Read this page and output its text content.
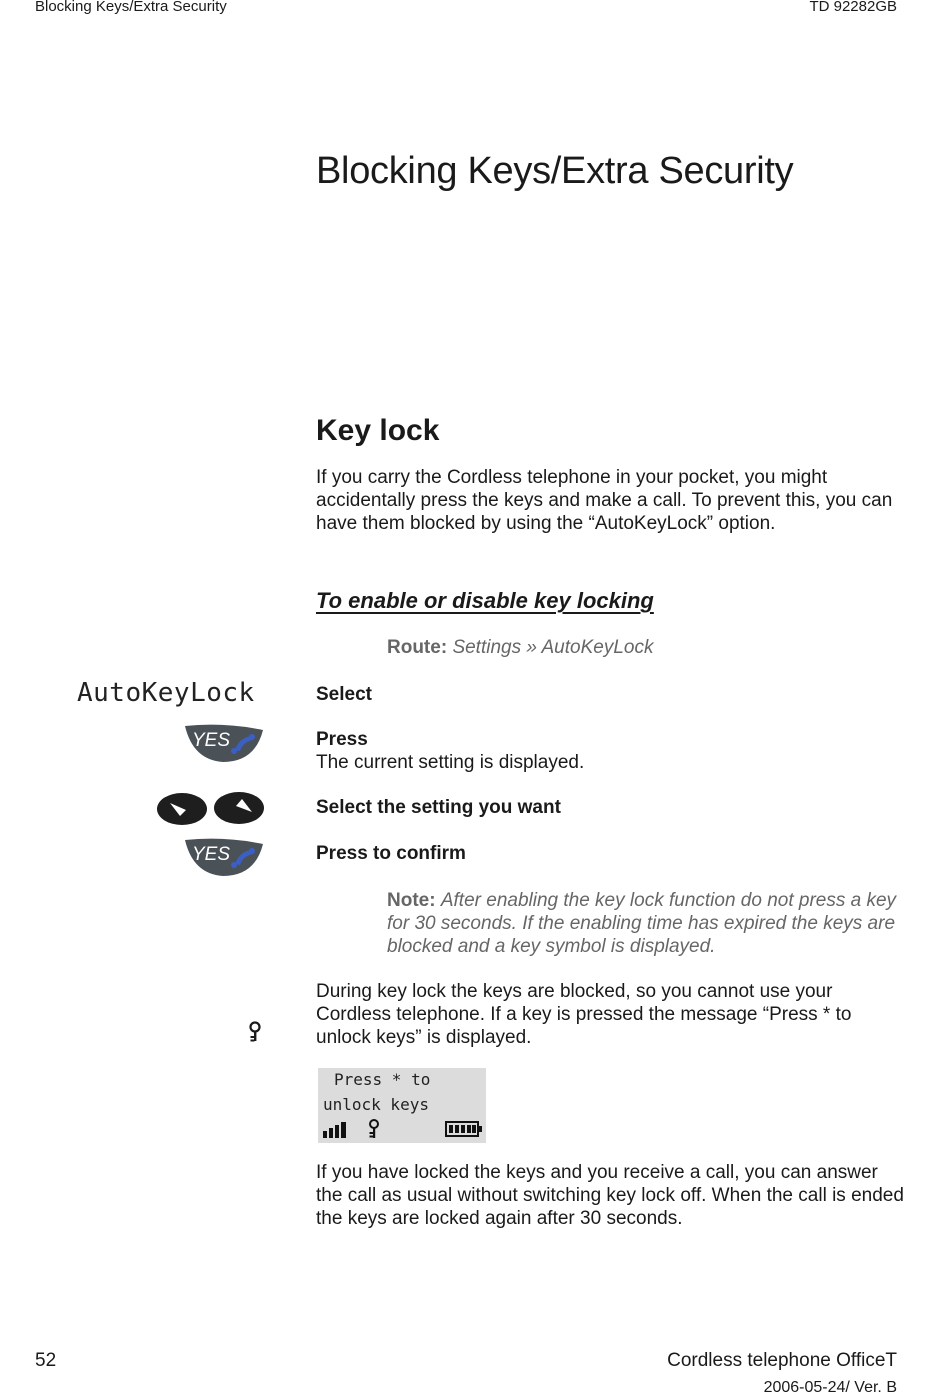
Blocking Keys/Extra Security	TD 92282GB
Blocking Keys/Extra Security
Key lock
If you carry the Cordless telephone in your pocket, you might accidentally press the keys and make a call. To prevent this, you can have them blocked by using the “AutoKeyLock” option.
To enable or disable key locking
Route: Settings » AutoKeyLock
AutoKeyLock	Select
YES	Press
The current setting is displayed.
Select the setting you want
YES	Press to confirm
Note: After enabling the key lock function do not press a key for 30 seconds. If the enabling time has expired the keys are blocked and a key symbol is displayed.
During key lock the keys are blocked, so you cannot use your Cordless telephone. If a key is pressed the message “Press * to unlock keys” is displayed.
Press * to
unlock keys
If you have locked the keys and you receive a call, you can answer the call as usual without switching key lock off. When the call is ended the keys are locked again after 30 seconds.
52	Cordless telephone OfficeT
2006-05-24/ Ver. B
